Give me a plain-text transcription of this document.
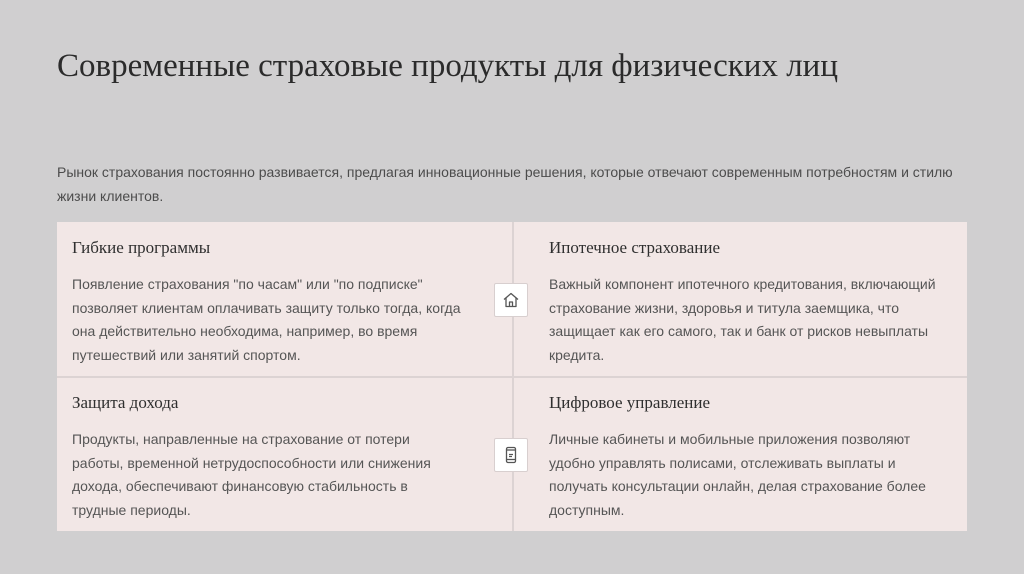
Современные страховые продукты для физических лиц

Рынок страхования постоянно развивается, предлагая инновационные решения, которые отвечают современным потребностям и стилю жизни клиентов.

Гибкие программы

Появление страхования "по часам" или "по подписке" позволяет клиентам оплачивать защиту только тогда, когда она действительно необходима, например, во время путешествий или занятий спортом.

Ипотечное страхование

Важный компонент ипотечного кредитования, включающий страхование жизни, здоровья и титула заемщика, что защищает как его самого, так и банк от рисков невыплаты кредита.

Защита дохода

Продукты, направленные на страхование от потери работы, временной нетрудоспособности или снижения дохода, обеспечивают финансовую стабильность в трудные периоды.

Цифровое управление

Личные кабинеты и мобильные приложения позволяют удобно управлять полисами, отслеживать выплаты и получать консультации онлайн, делая страхование более доступным.
